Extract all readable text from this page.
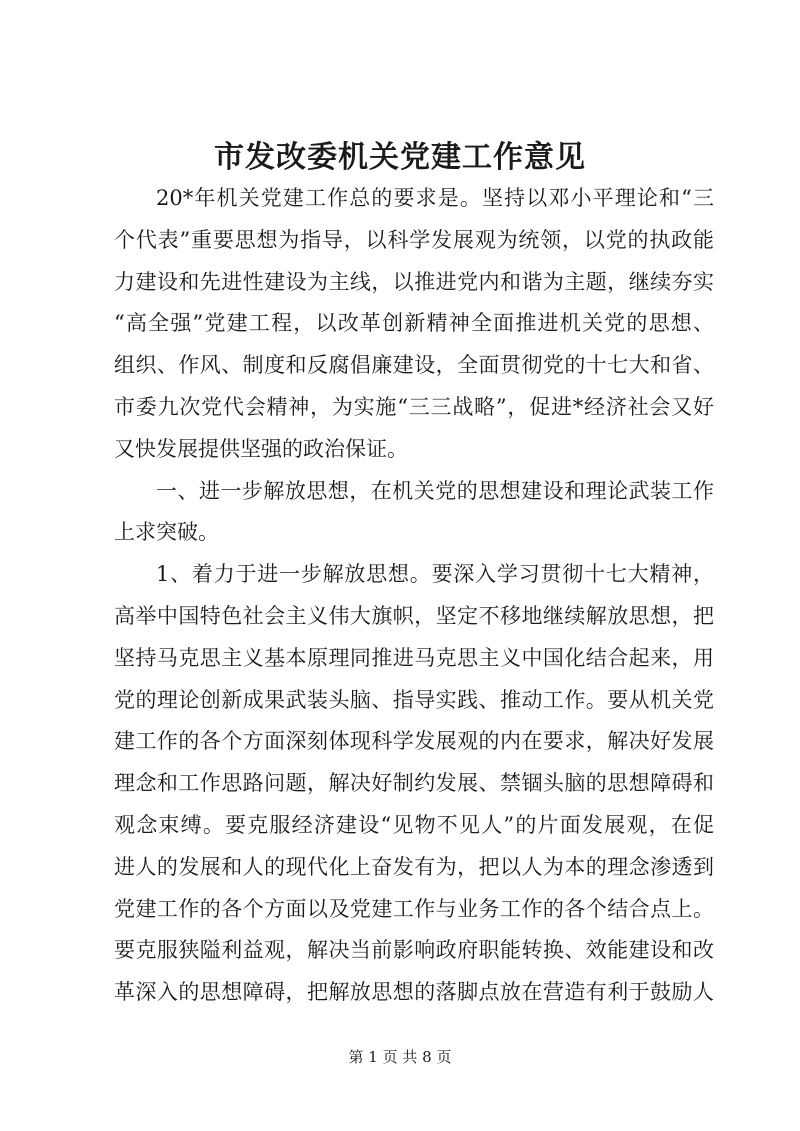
市发改委机关党建工作意见
20*年机关党建工作总的要求是。坚持以邓小平理论和“三
个代表”重要思想为指导，以科学发展观为统领，以党的执政能
力建设和先进性建设为主线，以推进党内和谐为主题，继续夯实
“高全强”党建工程，以改革创新精神全面推进机关党的思想、
组织、作风、制度和反腐倡廉建设，全面贯彻党的十七大和省、
市委九次党代会精神，为实施“三三战略”，促进*经济社会又好
又快发展提供坚强的政治保证。
一、进一步解放思想，在机关党的思想建设和理论武装工作
上求突破。
1、着力于进一步解放思想。要深入学习贯彻十七大精神，
高举中国特色社会主义伟大旗帜，坚定不移地继续解放思想，把
坚持马克思主义基本原理同推进马克思主义中国化结合起来，用
党的理论创新成果武装头脑、指导实践、推动工作。要从机关党
建工作的各个方面深刻体现科学发展观的内在要求，解决好发展
理念和工作思路问题，解决好制约发展、禁锢头脑的思想障碍和
观念束缚。要克服经济建设“见物不见人”的片面发展观，在促
进人的发展和人的现代化上奋发有为，把以人为本的理念渗透到
党建工作的各个方面以及党建工作与业务工作的各个结合点上。
要克服狭隘利益观，解决当前影响政府职能转换、效能建设和改
革深入的思想障碍，把解放思想的落脚点放在营造有利于鼓励人
第 1 页 共 8 页
